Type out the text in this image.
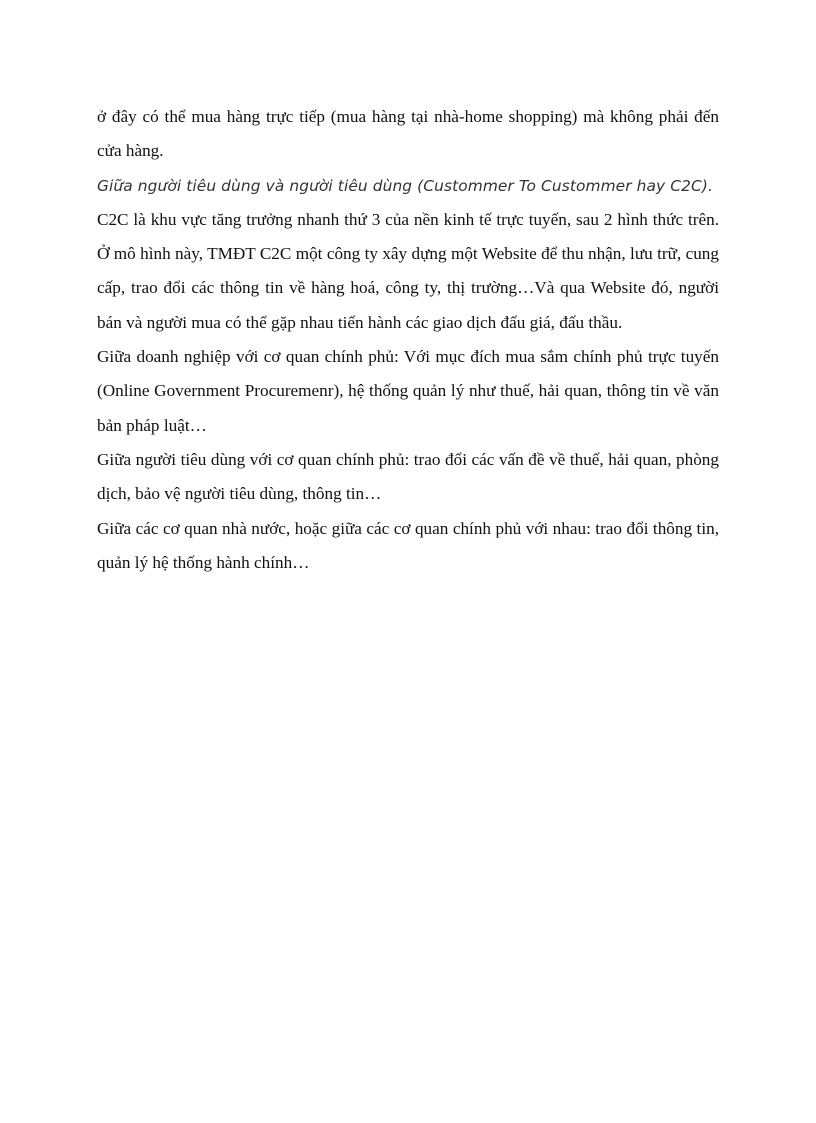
ở đây có thể mua hàng trực tiếp (mua hàng tại nhà-home shopping) mà không phải đến cửa hàng.

Giữa người tiêu dùng và người tiêu dùng (Custommer To Custommer hay C2C).

C2C là khu vực tăng trưởng nhanh thứ 3 của nền kinh tế trực tuyến, sau 2 hình thức trên. Ở mô hình này, TMĐT C2C một công ty xây dựng một Website để thu nhận, lưu trữ, cung cấp, trao đổi các thông tin về hàng hoá, công ty, thị trường…Và qua Website đó, người bán và người mua có thể gặp nhau tiến hành các giao dịch đấu giá, đấu thầu.

Giữa doanh nghiệp với cơ quan chính phủ: Với mục đích mua sắm chính phủ trực tuyến (Online Government Procuremenr), hệ thống quản lý như thuế, hải quan, thông tin về văn bản pháp luật…

Giữa người tiêu dùng với cơ quan chính phủ: trao đổi các vấn đề về thuế, hải quan, phòng dịch, bảo vệ người tiêu dùng, thông tin…

Giữa các cơ quan nhà nước, hoặc giữa các cơ quan chính phủ với nhau: trao đổi thông tin, quản lý hệ thống hành chính…
